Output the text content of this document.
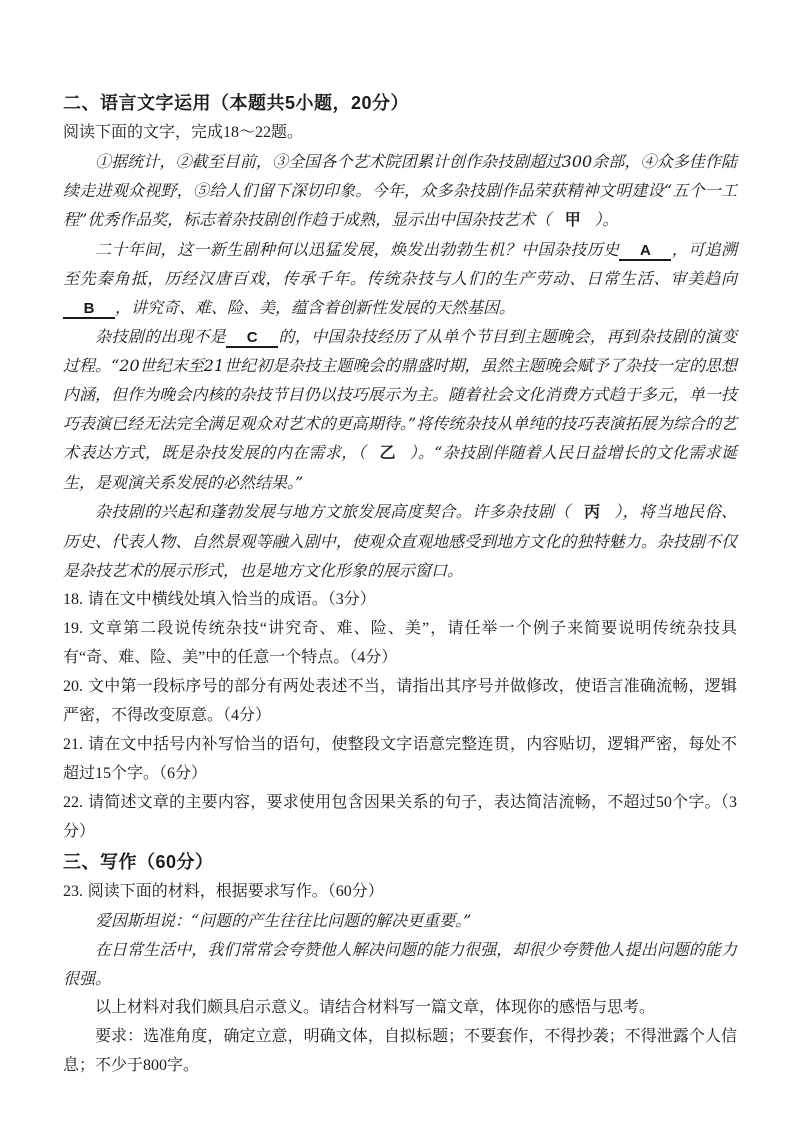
二、语言文字运用（本题共5小题，20分）

阅读下面的文字，完成18～22题。

①据统计，②截至目前，③全国各个艺术院团累计创作杂技剧超过300余部，④众多佳作陆续走进观众视野，⑤给人们留下深切印象。今年，众多杂技剧作品荣获精神文明建设“五个一工程”优秀作品奖，标志着杂技剧创作趋于成熟，显示出中国杂技艺术（ 甲 ）。

二十年间，这一新生剧种何以迅猛发展，焕发出勃勃生机？中国杂技历史 A ，可追溯至先秦角抵，历经汉唐百戏，传承千年。传统杂技与人们的生产劳动、日常生活、审美趋向B ，讲究奇、难、险、美，蕴含着创新性发展的天然基因。

杂技剧的出现不是 C 的，中国杂技经历了从单个节目到主题晚会，再到杂技剧的演变过程。“20世纪末至21世纪初是杂技主题晚会的鼎盛时期，虽然主题晚会赋予了杂技一定的思想内涵，但作为晚会内核的杂技节目仍以技巧展示为主。随着社会文化消费方式趋于多元，单一技巧表演已经无法完全满足观众对艺术的更高期待。”将传统杂技从单纯的技巧表演拓展为综合的艺术表达方式，既是杂技发展的内在需求，（ 乙 ）。“杂技剧伴随着人民日益增长的文化需求诞生，是观演关系发展的必然结果。”

杂技剧的兴起和蓬勃发展与地方文旅发展高度契合。许多杂技剧（ 丙 ），将当地民俗、历史、代表人物、自然景观等融入剧中，使观众直观地感受到地方文化的独特魅力。杂技剧不仅是杂技艺术的展示形式，也是地方文化形象的展示窗口。

18. 请在文中横线处填入恰当的成语。（3分）

19. 文章第二段说传统杂技“讲究奇、难、险、美”，请任举一个例子来简要说明传统杂技具有“奇、难、险、美”中的任意一个特点。（4分）

20. 文中第一段标序号的部分有两处表述不当，请指出其序号并做修改，使语言准确流畅，逻辑严密，不得改变原意。（4分）

21. 请在文中括号内补写恰当的语句，使整段文字语意完整连贯，内容贴切，逻辑严密，每处不超过15个字。（6分）

22. 请简述文章的主要内容，要求使用包含因果关系的句子，表达简洁流畅，不超过50个字。（3分）

三、写作（60分）

23. 阅读下面的材料，根据要求写作。（60分）

爱因斯坦说：“问题的产生往往比问题的解决更重要。”

在日常生活中，我们常常会夸赞他人解决问题的能力很强，却很少夸赞他人提出问题的能力很强。

以上材料对我们颇具启示意义。请结合材料写一篇文章，体现你的感悟与思考。

要求：选准角度，确定立意，明确文体，自拟标题；不要套作，不得抄袭；不得泄露个人信息；不少于800字。
